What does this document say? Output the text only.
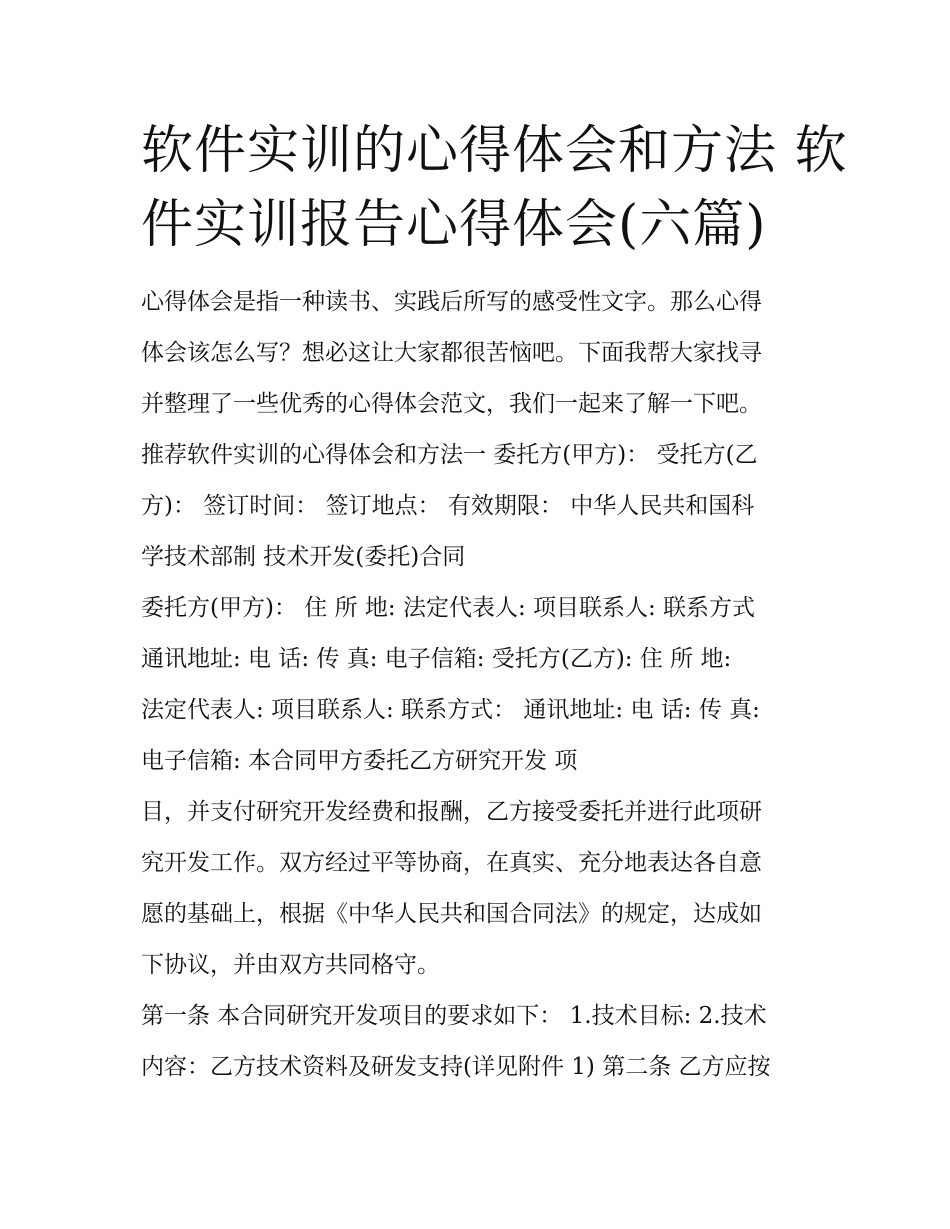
软件实训的心得体会和方法 软
件实训报告心得体会(六篇)
心得体会是指一种读书、实践后所写的感受性文字。那么心得
体会该怎么写？想必这让大家都很苦恼吧。下面我帮大家找寻
并整理了一些优秀的心得体会范文，我们一起来了解一下吧。
推荐软件实训的心得体会和方法一 委托方(甲方)： 受托方(乙
方)： 签订时间： 签订地点： 有效期限： 中华人民共和国科
学技术部制 技术开发(委托)合同
委托方(甲方)： 住 所 地: 法定代表人: 项目联系人: 联系方式
通讯地址: 电 话: 传 真: 电子信箱: 受托方(乙方): 住 所 地:
法定代表人: 项目联系人: 联系方式： 通讯地址: 电 话: 传 真:
电子信箱: 本合同甲方委托乙方研究开发 项
目，并支付研究开发经费和报酬，乙方接受委托并进行此项研
究开发工作。双方经过平等协商，在真实、充分地表达各自意
愿的基础上，根据《中华人民共和国合同法》的规定，达成如
下协议，并由双方共同格守。
第一条 本合同研究开发项目的要求如下： 1.技术目标: 2.技术
内容：乙方技术资料及研发支持(详见附件 1) 第二条 乙方应按
